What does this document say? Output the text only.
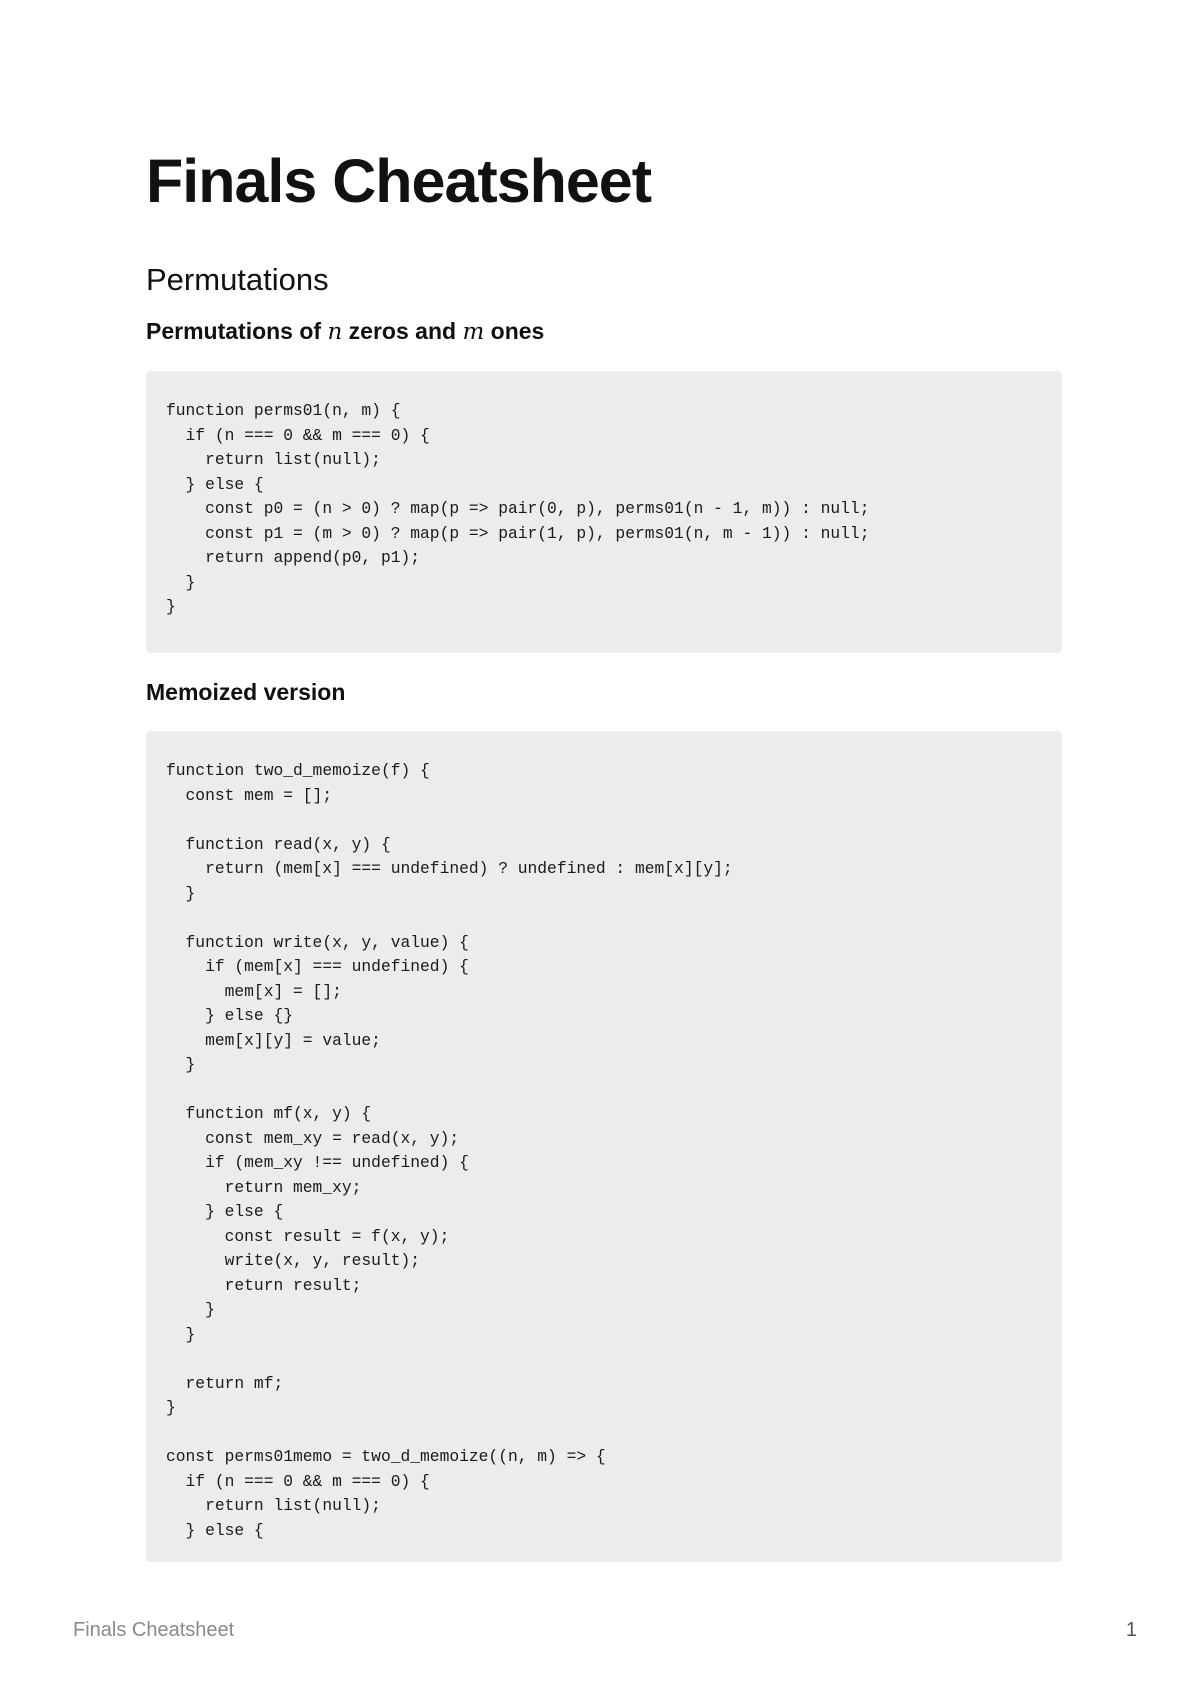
Finals Cheatsheet
Permutations
Permutations of n zeros and m ones
function perms01(n, m) {
if (n === 0 && m === 0) {
return list(null);
} else {
const p0 = (n > 0) ? map(p => pair(0, p), perms01(n - 1, m)) : null;
const p1 = (m > 0) ? map(p => pair(1, p), perms01(n, m - 1)) : null;
return append(p0, p1);
}
}
Memoized version
function two_d_memoize(f) {
const mem = [];

function read(x, y) {
return (mem[x] === undefined) ? undefined : mem[x][y];
}

function write(x, y, value) {
if (mem[x] === undefined) {
mem[x] = [];
} else {}
mem[x][y] = value;
}

function mf(x, y) {
const mem_xy = read(x, y);
if (mem_xy !== undefined) {
return mem_xy;
} else {
const result = f(x, y);
write(x, y, result);
return result;
}
}

return mf;
}

const perms01memo = two_d_memoize((n, m) => {
if (n === 0 && m === 0) {
return list(null);
} else {
Finals Cheatsheet	1
